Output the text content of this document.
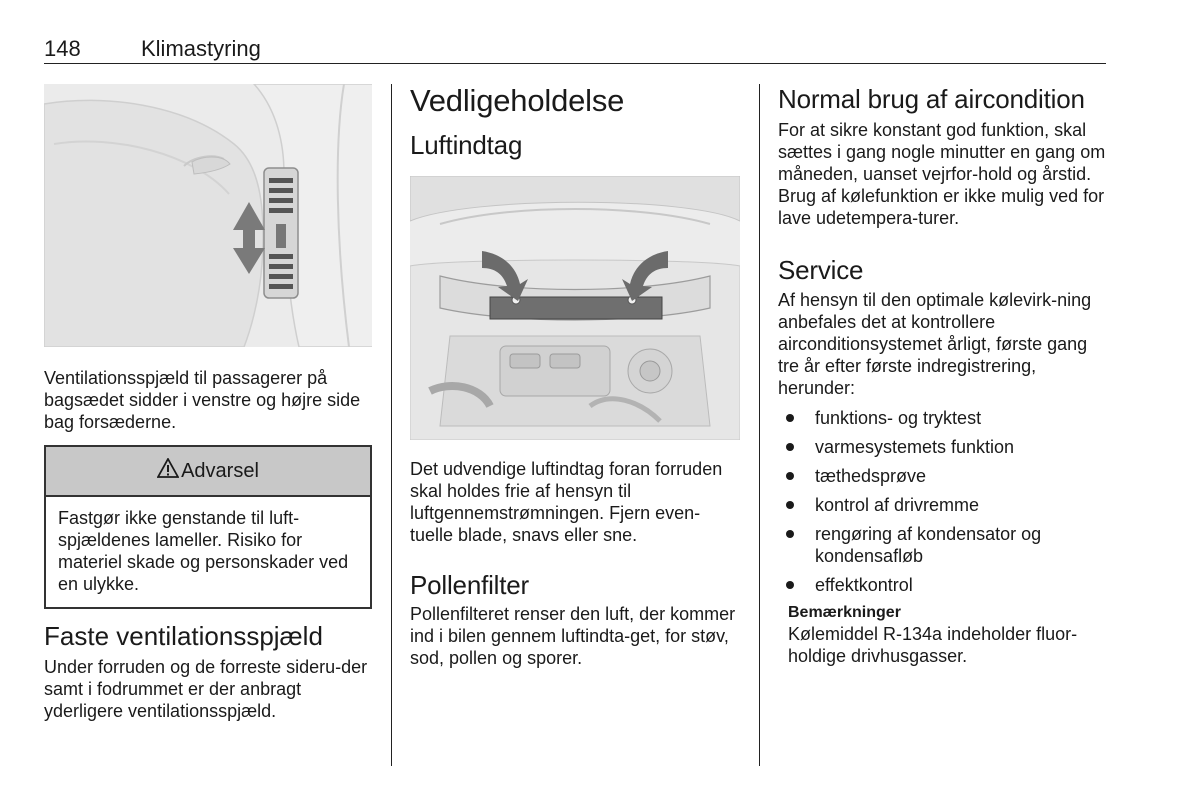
148	Klimastyring

Ventilationsspjæld til passagerer på bagsædet sidder i venstre og højre side bag forsæderne.

Advarsel
Fastgør ikke genstande til luft-spjældenes lameller. Risiko for materiel skade og personskader ved en ulykke.
Faste ventilationsspjæld

Under forruden og de forreste sideru-der samt i fodrummet er der anbragt yderligere ventilationsspjæld.

Vedligeholdelse
Luftindtag

Det udvendige luftindtag foran forruden skal holdes frie af hensyn til luftgennemstrømningen. Fjern even-tuelle blade, snavs eller sne.

Pollenfilter

Pollenfilteret renser den luft, der kommer ind i bilen gennem luftindta-get, for støv, sod, pollen og sporer.

Normal brug af aircondition

For at sikre konstant god funktion, skal sættes i gang nogle minutter en gang om måneden, uanset vejrfor-hold og årstid. Brug af kølefunktion er ikke mulig ved for lave udetempera-turer.

Service

Af hensyn til den optimale kølevirk-ning anbefales det at kontrollere airconditionsystemet årligt, første gang tre år efter første indregistrering, herunder:

funktions- og tryktest
varmesystemets funktion
tæthedsprøve
kontrol af drivremme
rengøring af kondensator og kondensafløb
effektkontrol

Bemærkninger

Kølemiddel R-134a indeholder fluor-holdige drivhusgasser.
